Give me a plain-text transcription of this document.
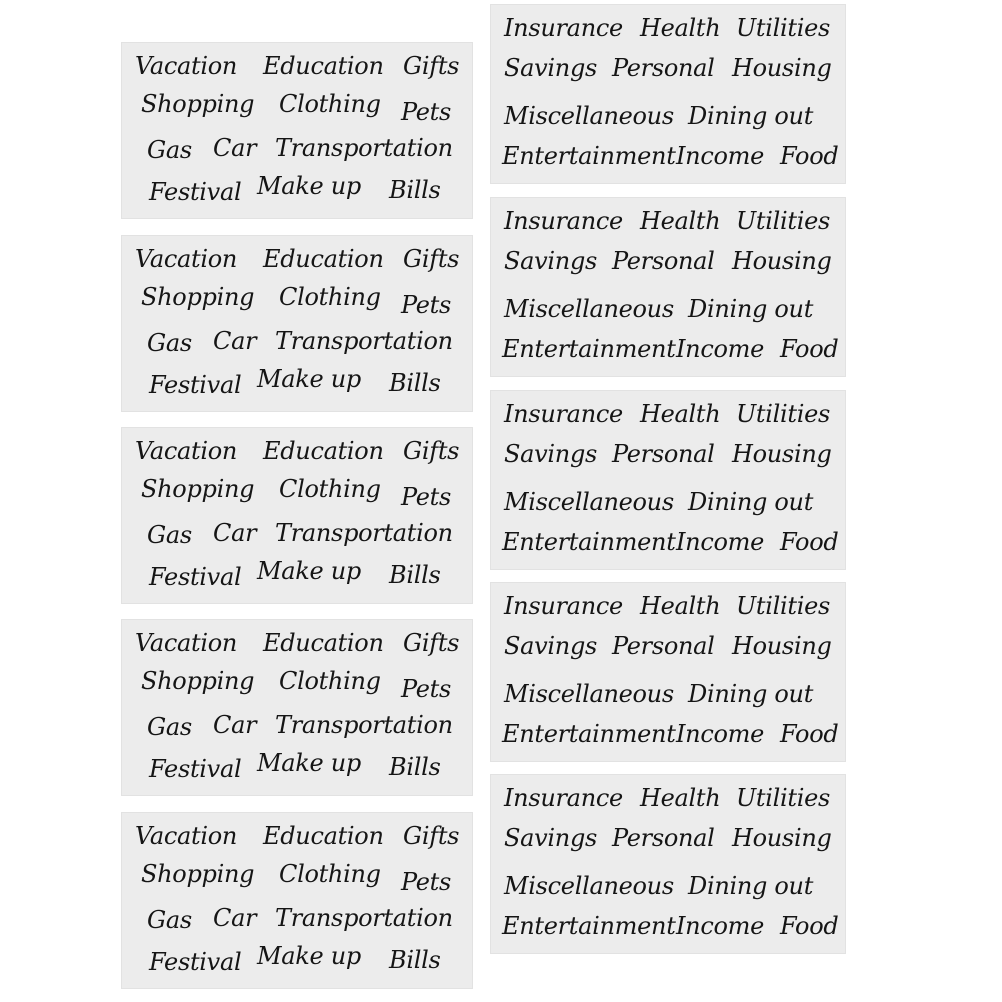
Vacation Education Gifts
Shopping Clothing Pets
Gas Car Transportation
Festival Make up Bills
Vacation Education Gifts
Shopping Clothing Pets
Gas Car Transportation
Festival Make up Bills
Vacation Education Gifts
Shopping Clothing Pets
Gas Car Transportation
Festival Make up Bills
Vacation Education Gifts
Shopping Clothing Pets
Gas Car Transportation
Festival Make up Bills
Vacation Education Gifts
Shopping Clothing Pets
Gas Car Transportation
Festival Make up Bills
Insurance Health Utilities
Savings Personal Housing
Miscellaneous Dining out
Entertainment Income Food
Insurance Health Utilities
Savings Personal Housing
Miscellaneous Dining out
Entertainment Income Food
Insurance Health Utilities
Savings Personal Housing
Miscellaneous Dining out
Entertainment Income Food
Insurance Health Utilities
Savings Personal Housing
Miscellaneous Dining out
Entertainment Income Food
Insurance Health Utilities
Savings Personal Housing
Miscellaneous Dining out
Entertainment Income Food
